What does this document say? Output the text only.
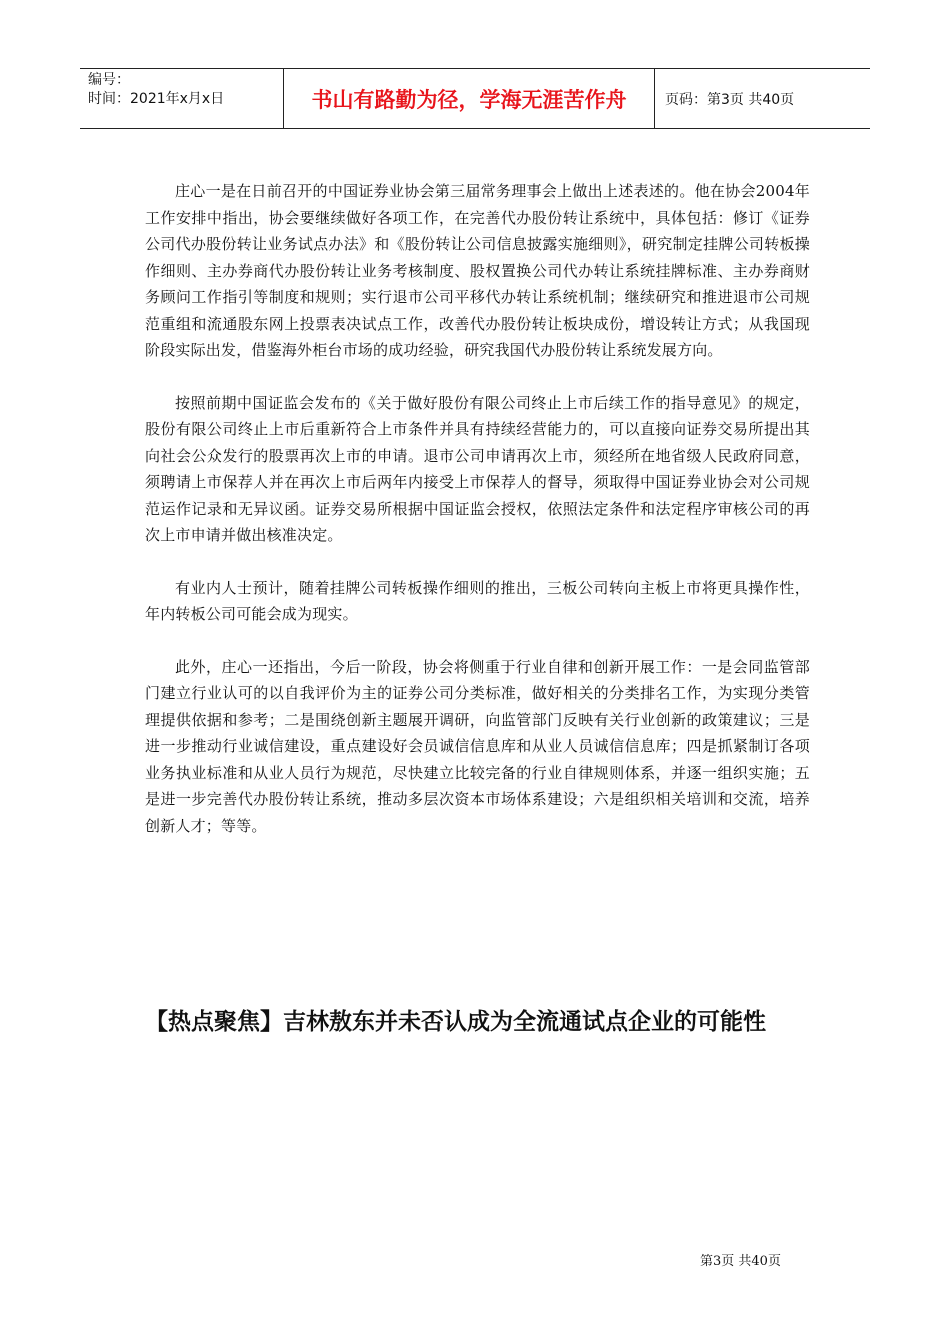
编号：
时间：2021年x月x日	书山有路勤为径，学海无涯苦作舟	页码：第3页 共40页

庄心一是在日前召开的中国证券业协会第三届常务理事会上做出上述表述的。他在协会2004年工作安排中指出，协会要继续做好各项工作，在完善代办股份转让系统中，具体包括：修订《证券公司代办股份转让业务试点办法》和《股份转让公司信息披露实施细则》，研究制定挂牌公司转板操作细则、主办券商代办股份转让业务考核制度、股权置换公司代办转让系统挂牌标准、主办券商财务顾问工作指引等制度和规则；实行退市公司平移代办转让系统机制；继续研究和推进退市公司规范重组和流通股东网上投票表决试点工作，改善代办股份转让板块成份，增设转让方式；从我国现阶段实际出发，借鉴海外柜台市场的成功经验，研究我国代办股份转让系统发展方向。

按照前期中国证监会发布的《关于做好股份有限公司终止上市后续工作的指导意见》的规定，股份有限公司终止上市后重新符合上市条件并具有持续经营能力的，可以直接向证券交易所提出其向社会公众发行的股票再次上市的申请。退市公司申请再次上市，须经所在地省级人民政府同意，须聘请上市保荐人并在再次上市后两年内接受上市保荐人的督导，须取得中国证券业协会对公司规范运作记录和无异议函。证券交易所根据中国证监会授权，依照法定条件和法定程序审核公司的再次上市申请并做出核准决定。

有业内人士预计，随着挂牌公司转板操作细则的推出，三板公司转向主板上市将更具操作性，年内转板公司可能会成为现实。

此外，庄心一还指出，今后一阶段，协会将侧重于行业自律和创新开展工作：一是会同监管部门建立行业认可的以自我评价为主的证券公司分类标准，做好相关的分类排名工作，为实现分类管理提供依据和参考；二是围绕创新主题展开调研，向监管部门反映有关行业创新的政策建议；三是进一步推动行业诚信建设，重点建设好会员诚信信息库和从业人员诚信信息库；四是抓紧制订各项业务执业标准和从业人员行为规范，尽快建立比较完备的行业自律规则体系，并逐一组织实施；五是进一步完善代办股份转让系统，推动多层次资本市场体系建设；六是组织相关培训和交流，培养创新人才；等等。

【热点聚焦】吉林敖东并未否认成为全流通试点企业的可能性
第3页 共40页
